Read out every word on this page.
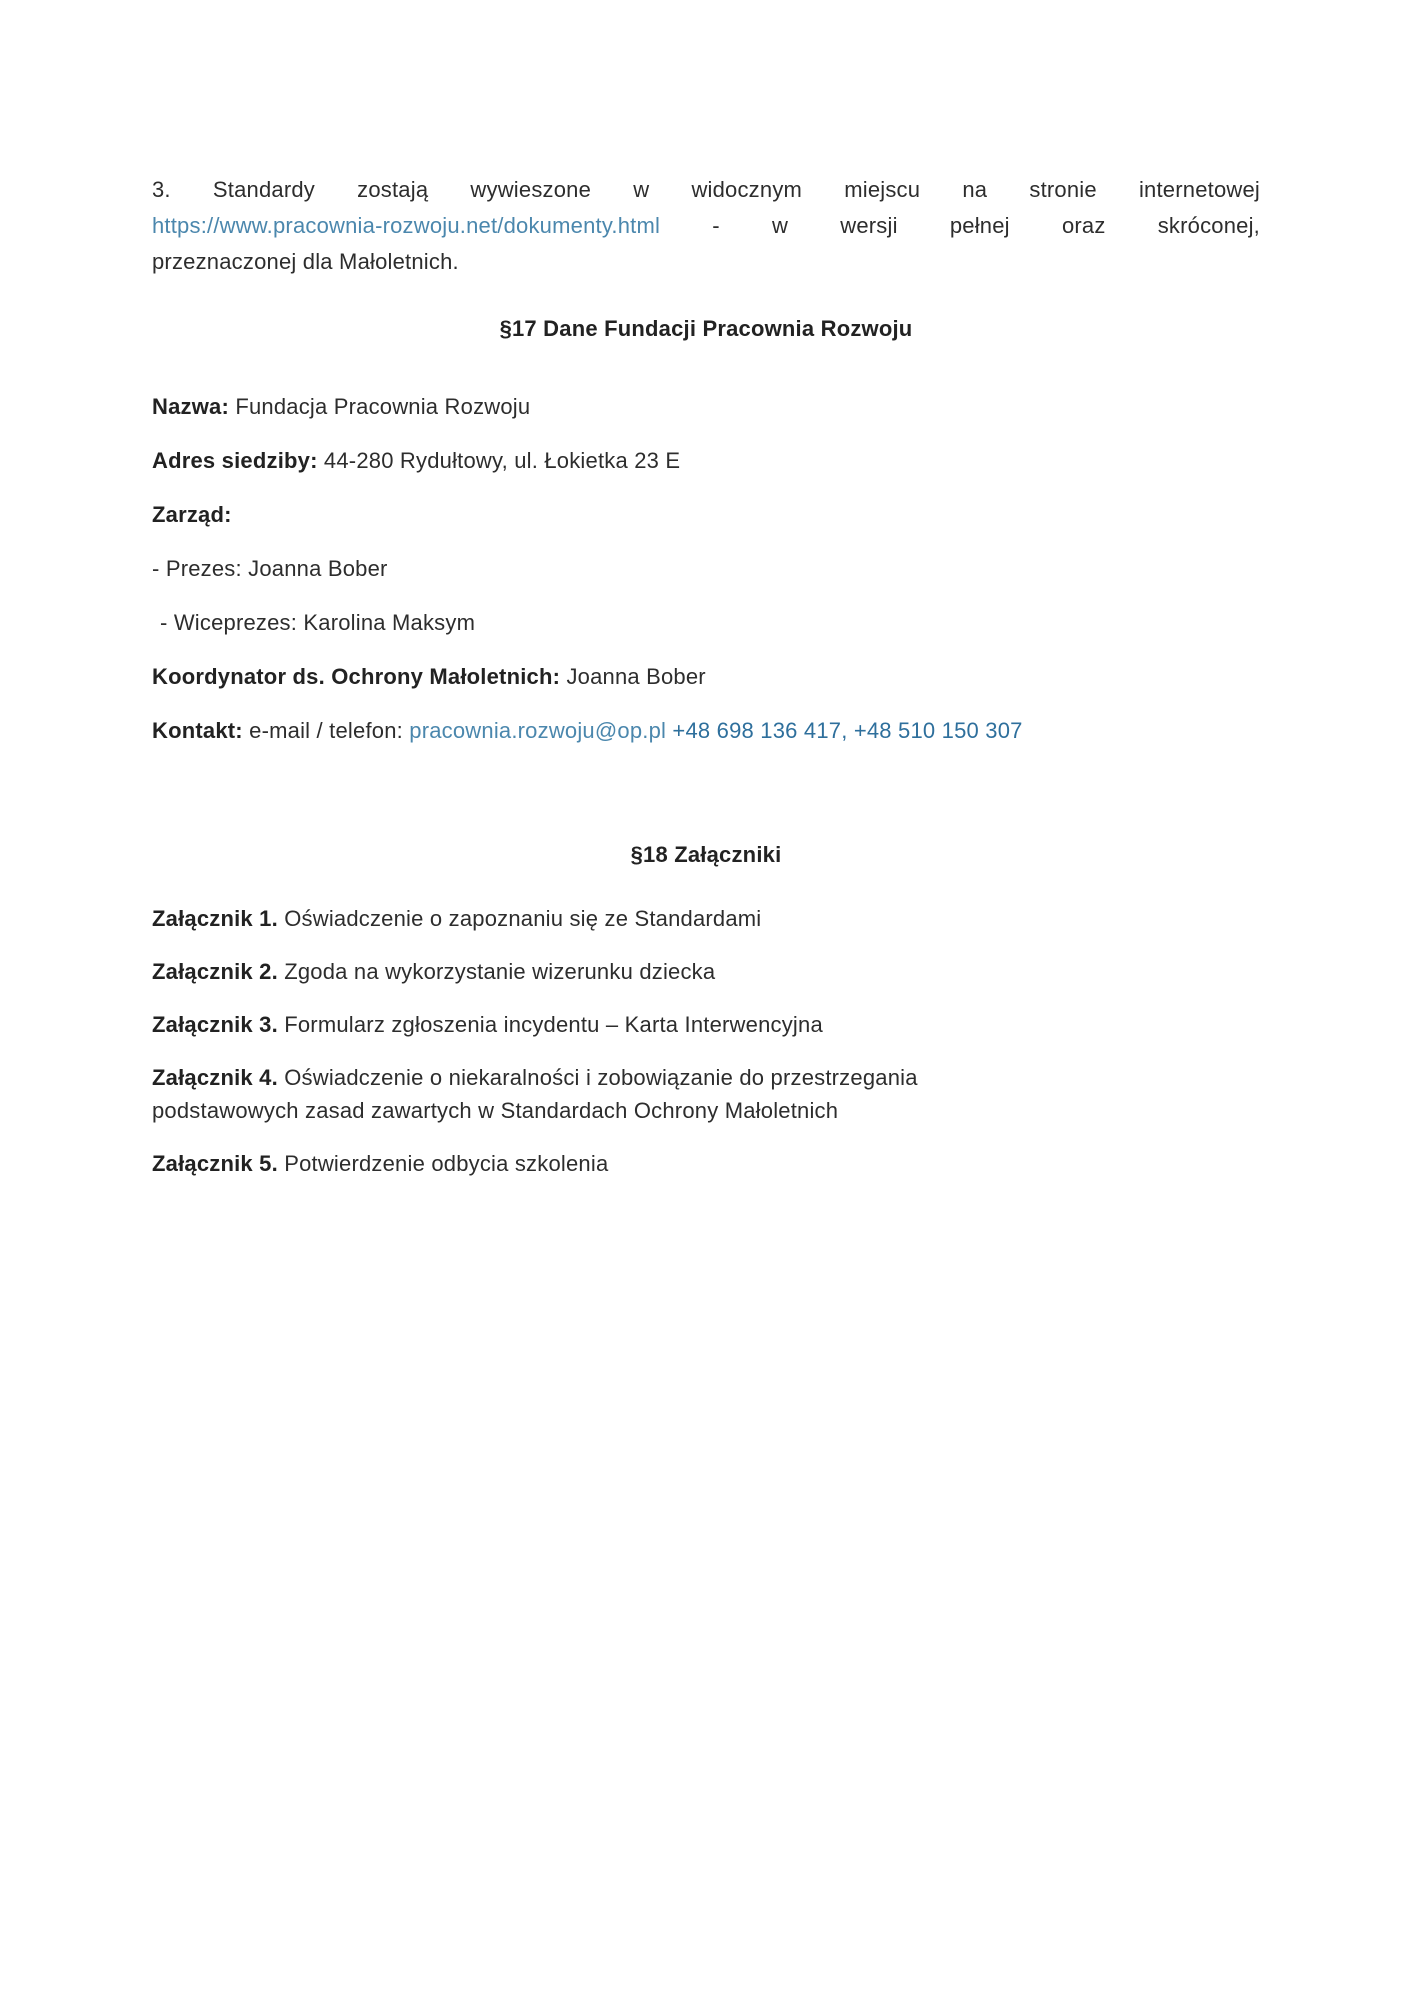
3. Standardy zostają wywieszone w widocznym miejscu na stronie internetowej
https://www.pracownia-rozwoju.net/dokumenty.html - w wersji pełnej oraz skróconej,
przeznaczonej dla Małoletnich.
§17 Dane Fundacji Pracownia Rozwoju

Nazwa: Fundacja Pracownia Rozwoju

Adres siedziby: 44-280 Rydułtowy, ul. Łokietka 23 E

Zarząd:

- Prezes: Joanna Bober

- Wiceprezes: Karolina Maksym

Koordynator ds. Ochrony Małoletnich: Joanna Bober

Kontakt: e-mail / telefon: pracownia.rozwoju@op.pl +48 698 136 417, +48 510 150 307

§18 Załączniki

Załącznik 1. Oświadczenie o zapoznaniu się ze Standardami

Załącznik 2. Zgoda na wykorzystanie wizerunku dziecka

Załącznik 3. Formularz zgłoszenia incydentu – Karta Interwencyjna

Załącznik 4. Oświadczenie o niekaralności i zobowiązanie do przestrzegania
podstawowych zasad zawartych w Standardach Ochrony Małoletnich

Załącznik 5. Potwierdzenie odbycia szkolenia
